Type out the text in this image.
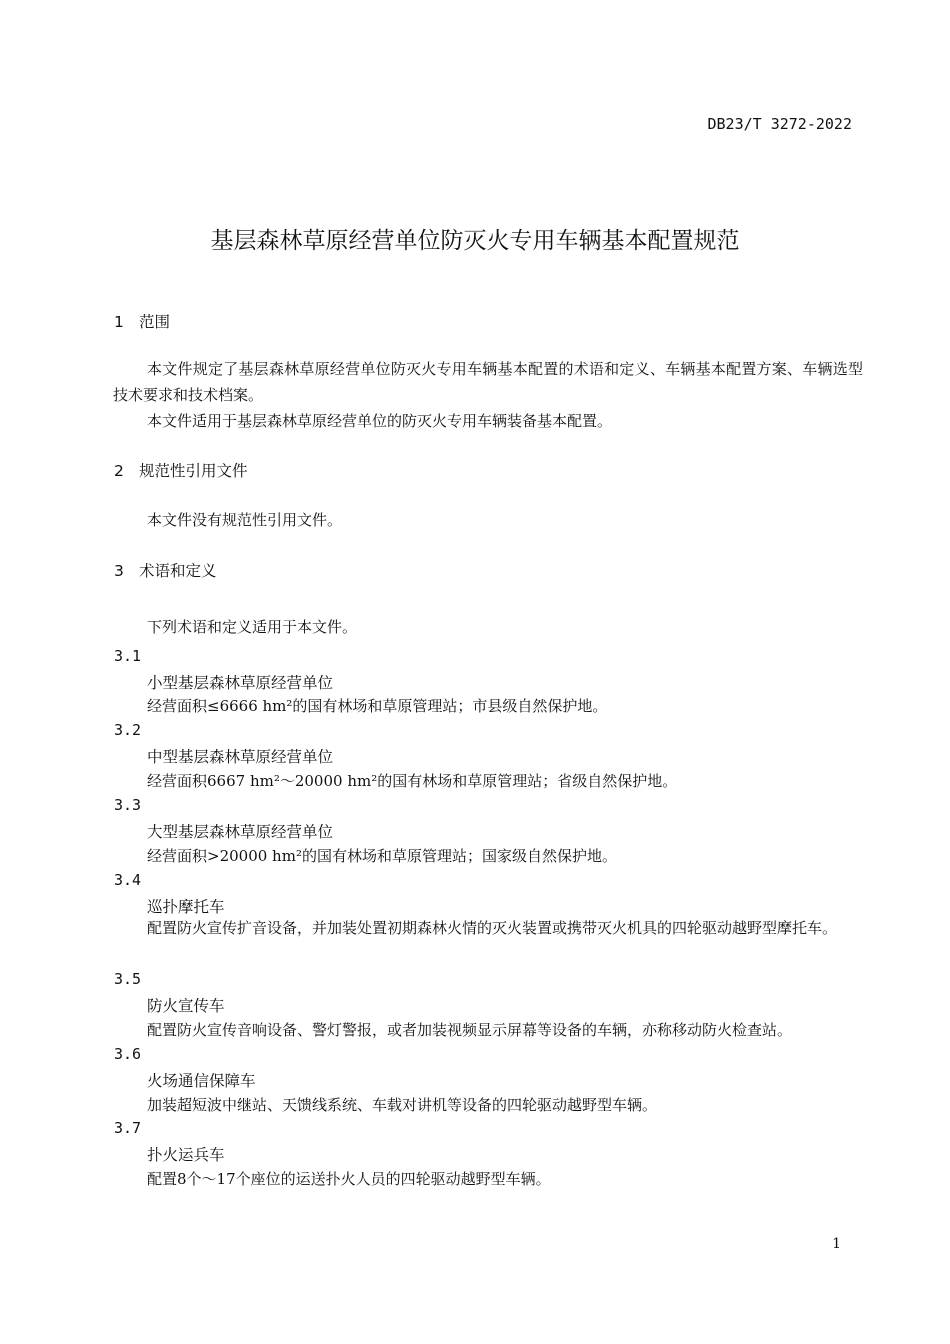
DB23/T 3272-2022
基层森林草原经营单位防灭火专用车辆基本配置规范
1 范围
本文件规定了基层森林草原经营单位防灭火专用车辆基本配置的术语和定义、车辆基本配置方案、车辆选型技术要求和技术档案。
本文件适用于基层森林草原经营单位的防灭火专用车辆装备基本配置。
2 规范性引用文件
本文件没有规范性引用文件。
3 术语和定义
下列术语和定义适用于本文件。
3.1
小型基层森林草原经营单位
经营面积≤6666 hm²的国有林场和草原管理站；市县级自然保护地。
3.2
中型基层森林草原经营单位
经营面积6667 hm²～20000 hm²的国有林场和草原管理站；省级自然保护地。
3.3
大型基层森林草原经营单位
经营面积>20000 hm²的国有林场和草原管理站；国家级自然保护地。
3.4
巡扑摩托车
配置防火宣传扩音设备，并加装处置初期森林火情的灭火装置或携带灭火机具的四轮驱动越野型摩托车。
3.5
防火宣传车
配置防火宣传音响设备、警灯警报，或者加装视频显示屏幕等设备的车辆，亦称移动防火检查站。
3.6
火场通信保障车
加装超短波中继站、天馈线系统、车载对讲机等设备的四轮驱动越野型车辆。
3.7
扑火运兵车
配置8个～17个座位的运送扑火人员的四轮驱动越野型车辆。
1
